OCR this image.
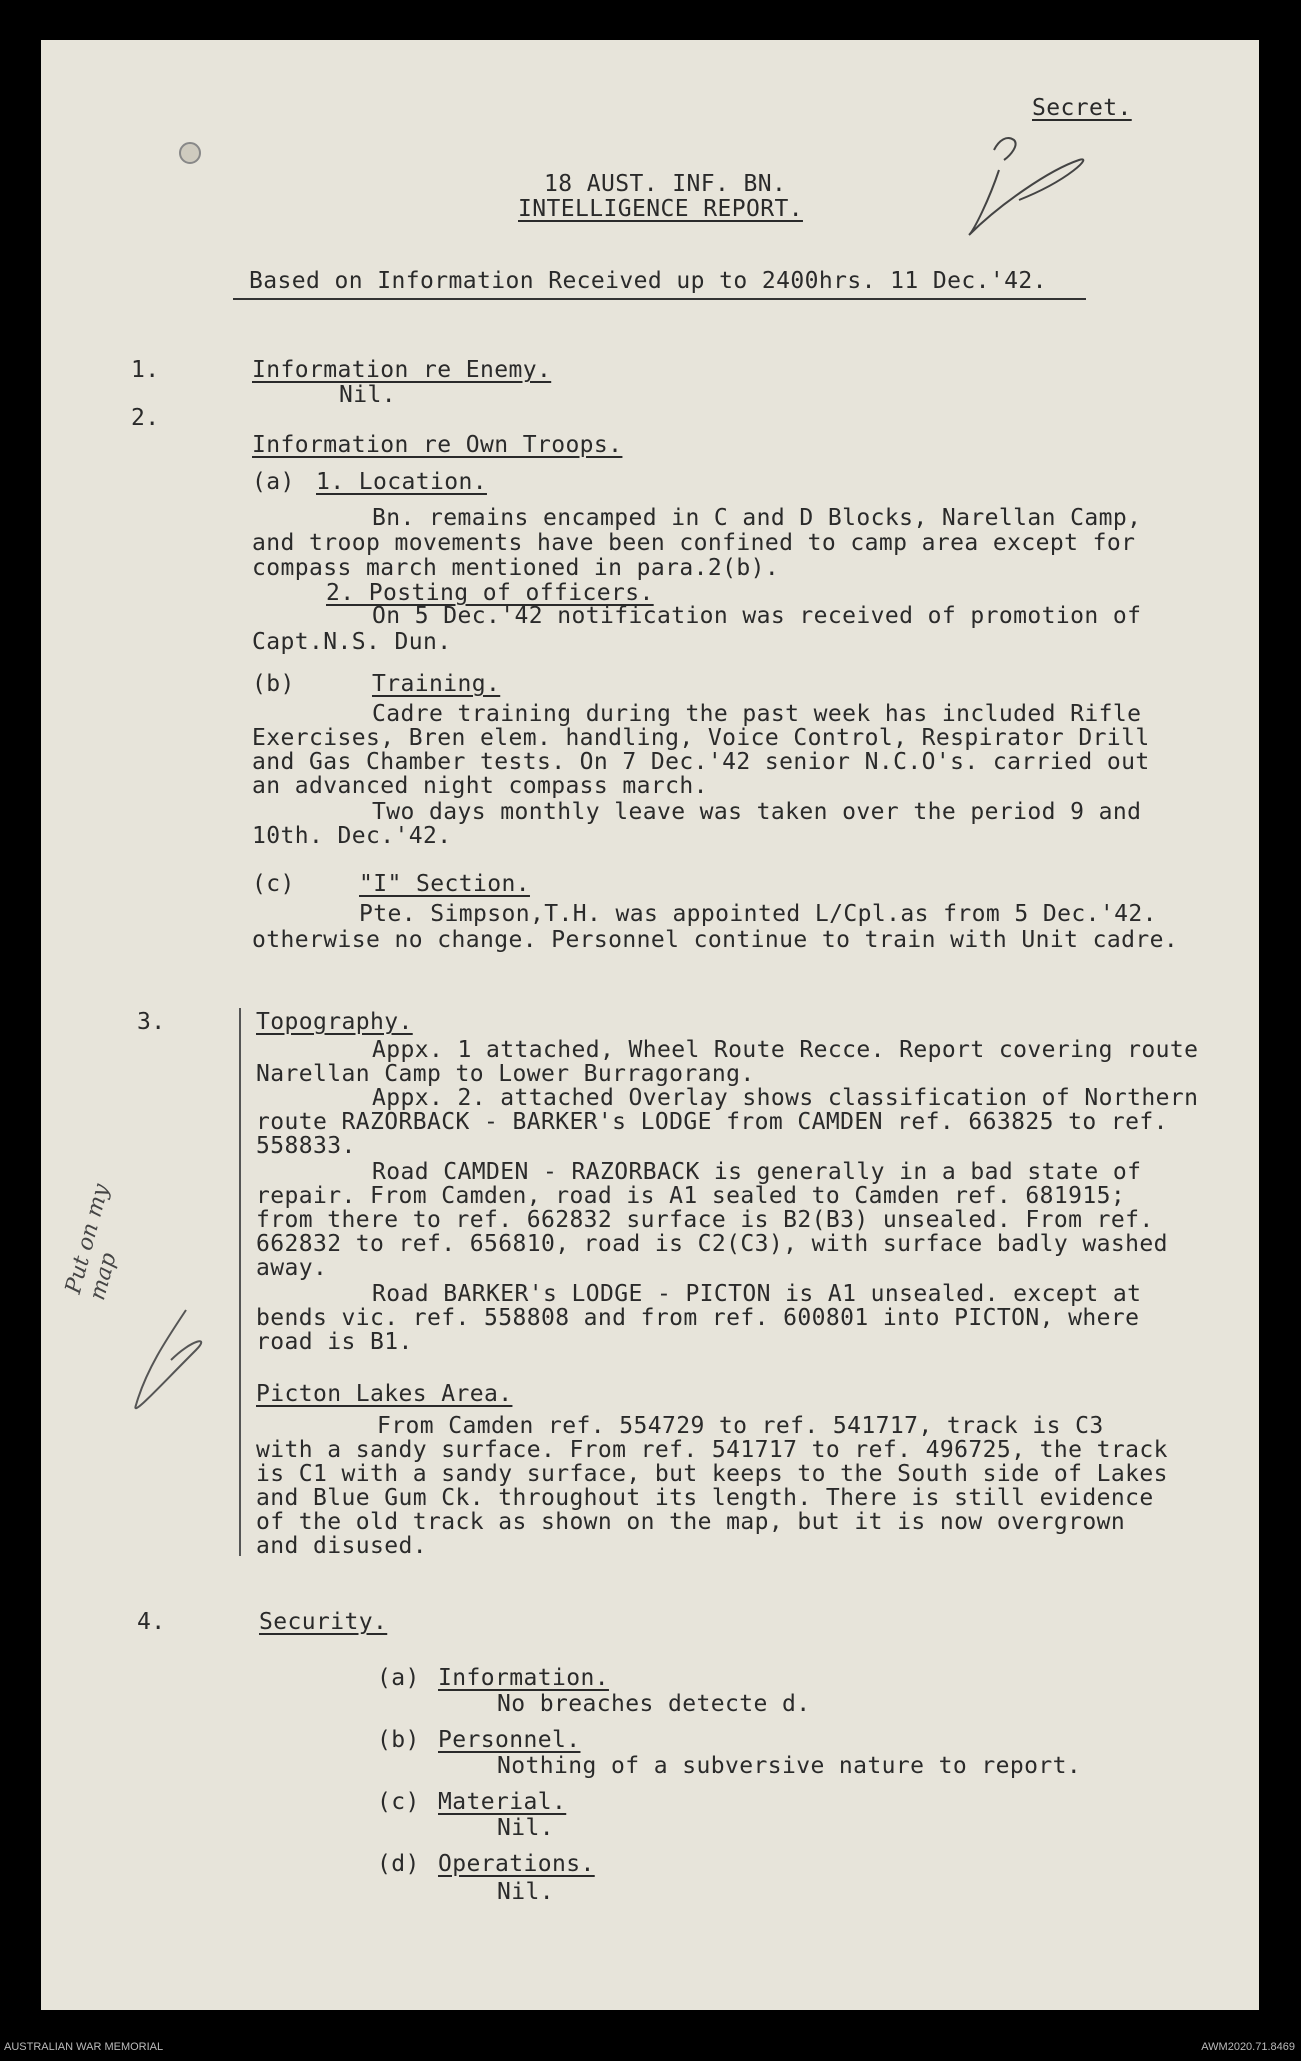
Secret.
18 AUST. INF. BN.
INTELLIGENCE REPORT.
Based on Information Received up to 2400hrs. 11 Dec.'42.
1.	Information re Enemy.
Nil.
2.
Information re Own Troops.
(a) 1. Location.
Bn. remains encamped in C and D Blocks, Narellan Camp,
and troop movements have been confined to camp area except for
compass march mentioned in para.2(b).
2. Posting of officers.
On 5 Dec.'42 notification was received of promotion of
Capt.N.S. Dun.
(b)	Training.
Cadre training during the past week has included Rifle
Exercises, Bren elem. handling, Voice Control, Respirator Drill
and Gas Chamber tests. On 7 Dec.'42 senior N.C.O's. carried out
an advanced night compass march.
Two days monthly leave was taken over the period 9 and
10th. Dec.'42.
(c)	"I" Section.
Pte. Simpson,T.H. was appointed L/Cpl.as from 5 Dec.'42.
otherwise no change. Personnel continue to train with Unit cadre.
3.	Topography.
Appx. 1 attached, Wheel Route Recce. Report covering route
Narellan Camp to Lower Burragorang.
Appx. 2. attached Overlay shows classification of Northern
route RAZORBACK - BARKER's LODGE from CAMDEN ref. 663825 to ref.
558833.
Road CAMDEN - RAZORBACK is generally in a bad state of
repair. From Camden, road is A1 sealed to Camden ref. 681915;
from there to ref. 662832 surface is B2(B3) unsealed. From ref.
662832 to ref. 656810, road is C2(C3), with surface badly washed
away.
Road BARKER's LODGE - PICTON is A1 unsealed. except at
bends vic. ref. 558808 and from ref. 600801 into PICTON, where
road is B1.
Picton Lakes Area.
From Camden ref. 554729 to ref. 541717, track is C3
with a sandy surface. From ref. 541717 to ref. 496725, the track
is C1 with a sandy surface, but keeps to the South side of Lakes
and Blue Gum Ck. throughout its length. There is still evidence
of the old track as shown on the map, but it is now overgrown
and disused.
Put on my map
4.	Security.
(a) Information.
No breaches detecte d.
(b) Personnel.
Nothing of a subversive nature to report.
(c) Material.
Nil.
(d) Operations.
Nil.
AUSTRALIAN WAR MEMORIAL	AWM2020.71.8469
